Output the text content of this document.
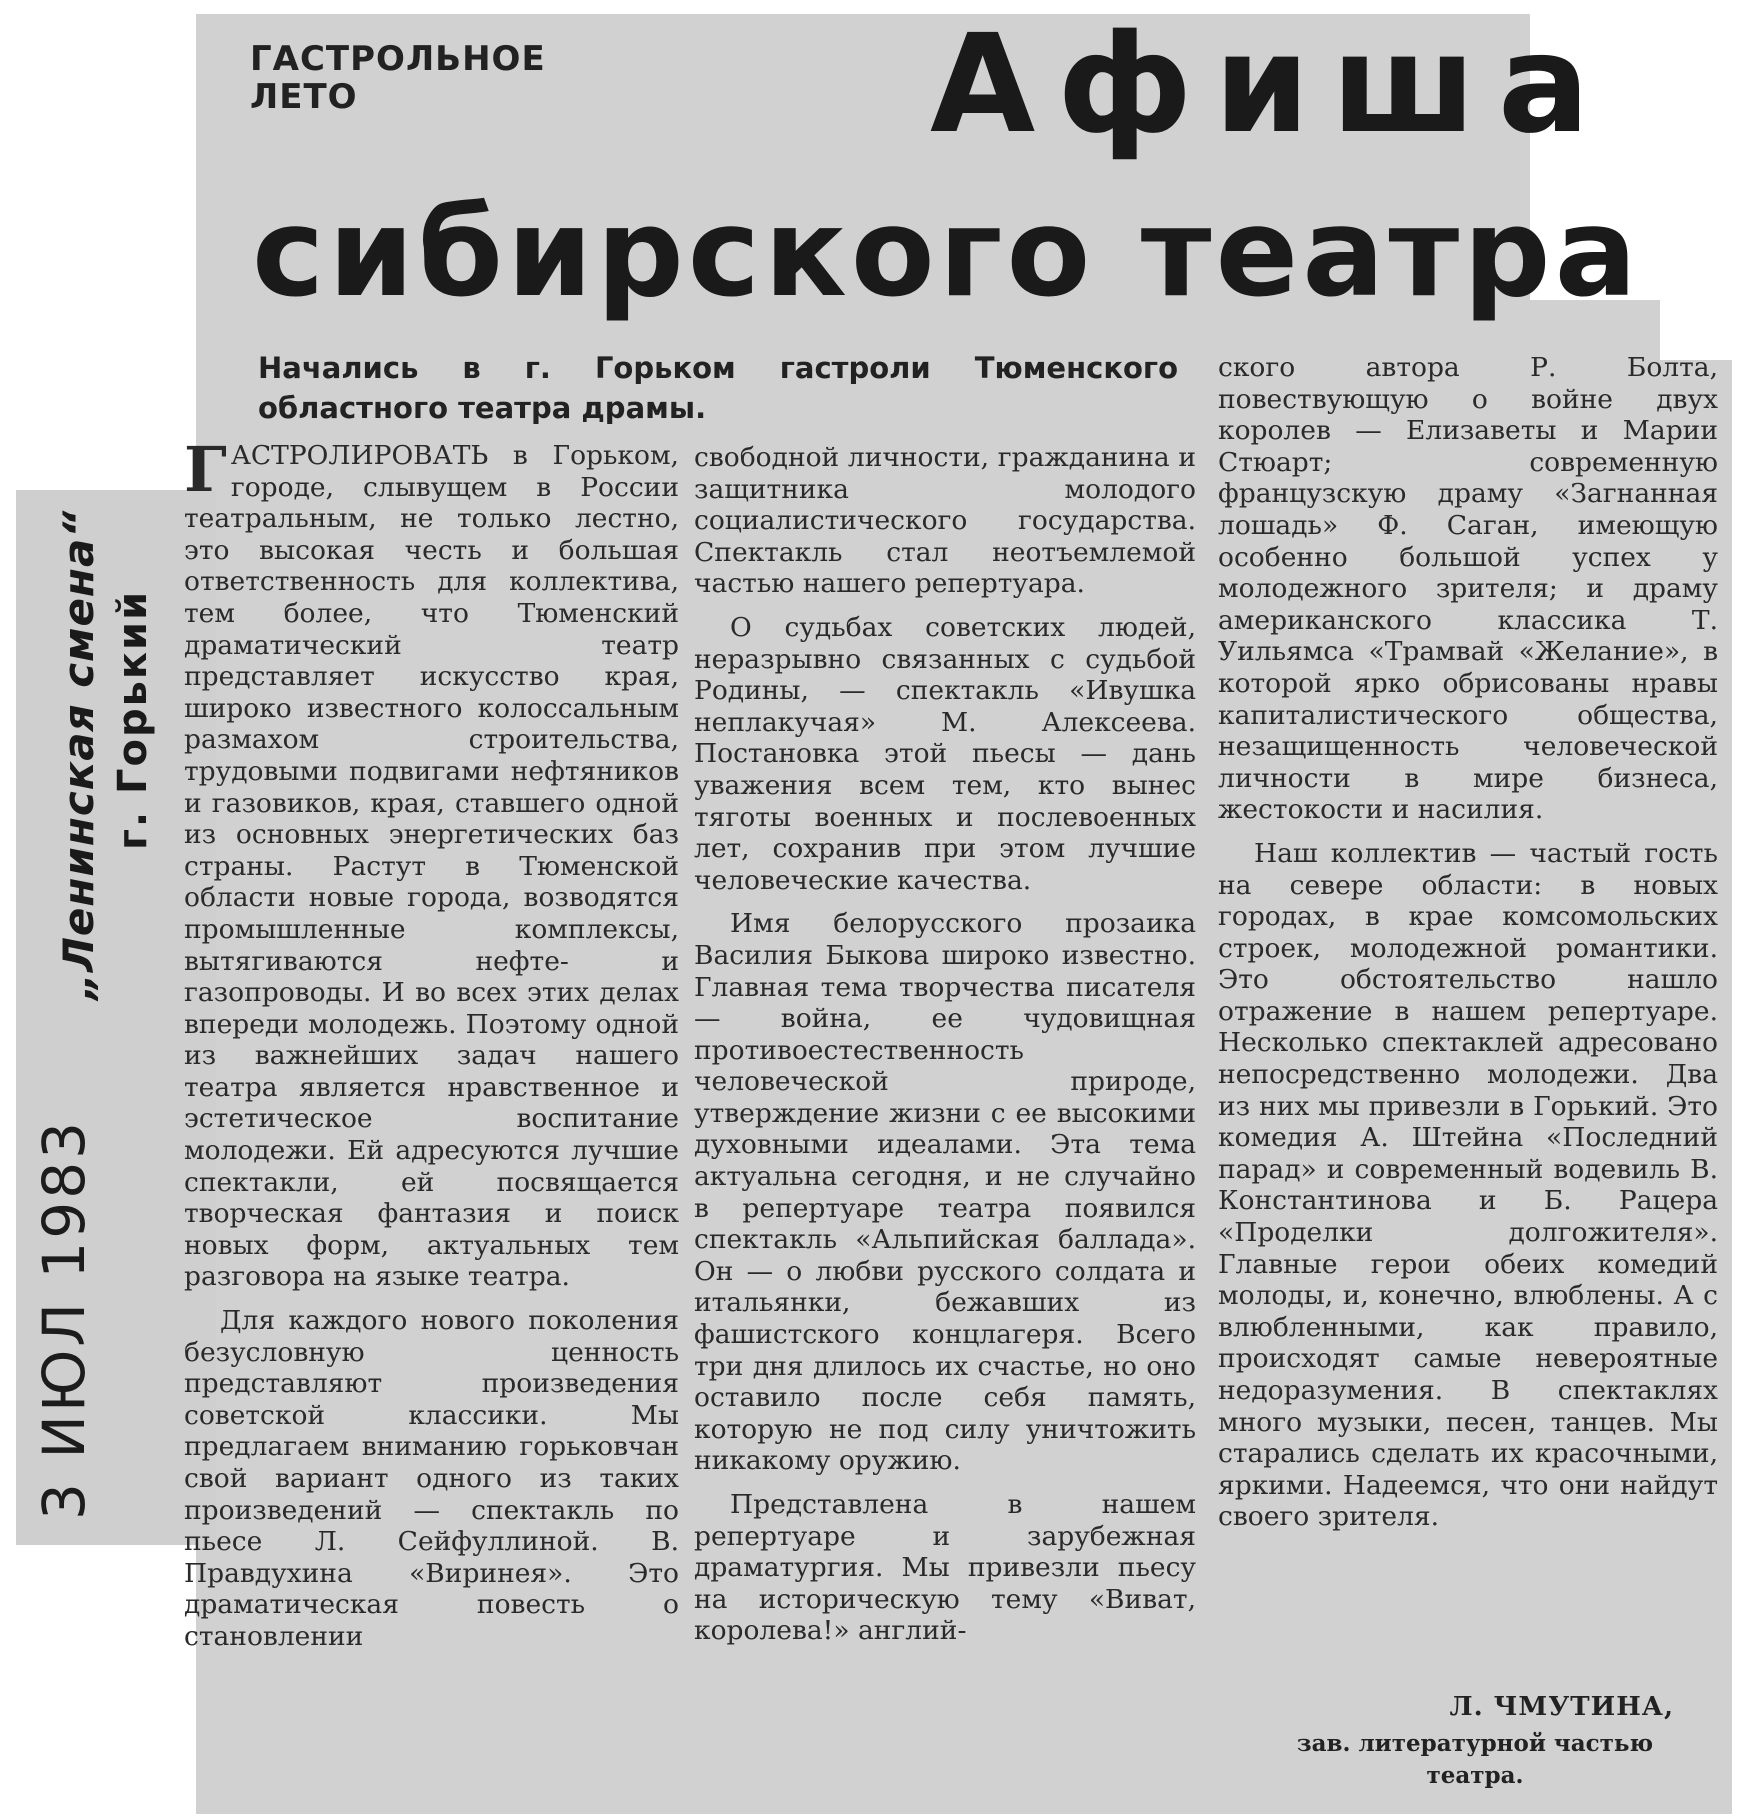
ГАСТРОЛЬНОЕ
ЛЕТО	Афиша
сибирского театра
Начались в г. Горьком гастроли Тюменского областного театра драмы.

ГАСТРОЛИРОВАТЬ в Горьком, городе, слывущем в России театральным, не только лестно, это высокая честь и большая ответственность для коллектива, тем более, что Тюменский драматический театр представляет искусство края, широко известного колоссальным размахом строительства, трудовыми подвигами нефтяников и газовиков, края, ставшего одной из основных энергетических баз страны. Растут в Тюменской области новые города, возводятся промышленные комплексы, вытягиваются нефте- и газопроводы. И во всех этих делах впереди молодежь. Поэтому одной из важнейших задач нашего театра является нравственное и эстетическое воспитание молодежи. Ей адресуются лучшие спектакли, ей посвящается творческая фантазия и поиск новых форм, актуальных тем разговора на языке театра.

Для каждого нового поколения безусловную ценность представляют произведения советской классики. Мы предлагаем вниманию горьковчан свой вариант одного из таких произведений — спектакль по пьесе Л. Сейфуллиной. В. Правдухина «Виринея». Это драматическая повесть о становлении

свободной личности, гражданина и защитника молодого социалистического государства. Спектакль стал неотъемлемой частью нашего репертуара.

О судьбах советских людей, неразрывно связанных с судьбой Родины, — спектакль «Ивушка неплакучая» М. Алексеева. Постановка этой пьесы — дань уважения всем тем, кто вынес тяготы военных и послевоенных лет, сохранив при этом лучшие человеческие качества.

Имя белорусского прозаика Василия Быкова широко известно. Главная тема творчества писателя — война, ее чудовищная противоестественность человеческой природе, утверждение жизни с ее высокими духовными идеалами. Эта тема актуальна сегодня, и не случайно в репертуаре театра появился спектакль «Альпийская баллада». Он — о любви русского солдата и итальянки, бежавших из фашистского концлагеря. Всего три дня длилось их счастье, но оно оставило после себя память, которую не под силу уничтожить никакому оружию.

Представлена в нашем репертуаре и зарубежная драматургия. Мы привезли пьесу на историческую тему «Виват, королева!» англий-

ского автора Р. Болта, повествующую о войне двух королев — Елизаветы и Марии Стюарт; современную французскую драму «Загнанная лошадь» Ф. Саган, имеющую особенно большой успех у молодежного зрителя; и драму американского классика Т. Уильямса «Трамвай «Желание», в которой ярко обрисованы нравы капиталистического общества, незащищенность человеческой личности в мире бизнеса, жестокости и насилия.

Наш коллектив — частый гость на севере области: в новых городах, в крае комсомольских строек, молодежной романтики. Это обстоятельство нашло отражение в нашем репертуаре. Несколько спектаклей адресовано непосредственно молодежи. Два из них мы привезли в Горький. Это комедия А. Штейна «Последний парад» и современный водевиль В. Константинова и Б. Рацера «Проделки долгожителя». Главные герои обеих комедий молоды, и, конечно, влюблены. А с влюбленными, как правило, происходят самые невероятные недоразумения. В спектаклях много музыки, песен, танцев. Мы старались сделать их красочными, яркими. Надеемся, что они найдут своего зрителя.

Л. ЧМУТИНА,
зав. литературной частью театра.
3 ИЮЛ 1983
„Ленинская смена“ г. Горький
